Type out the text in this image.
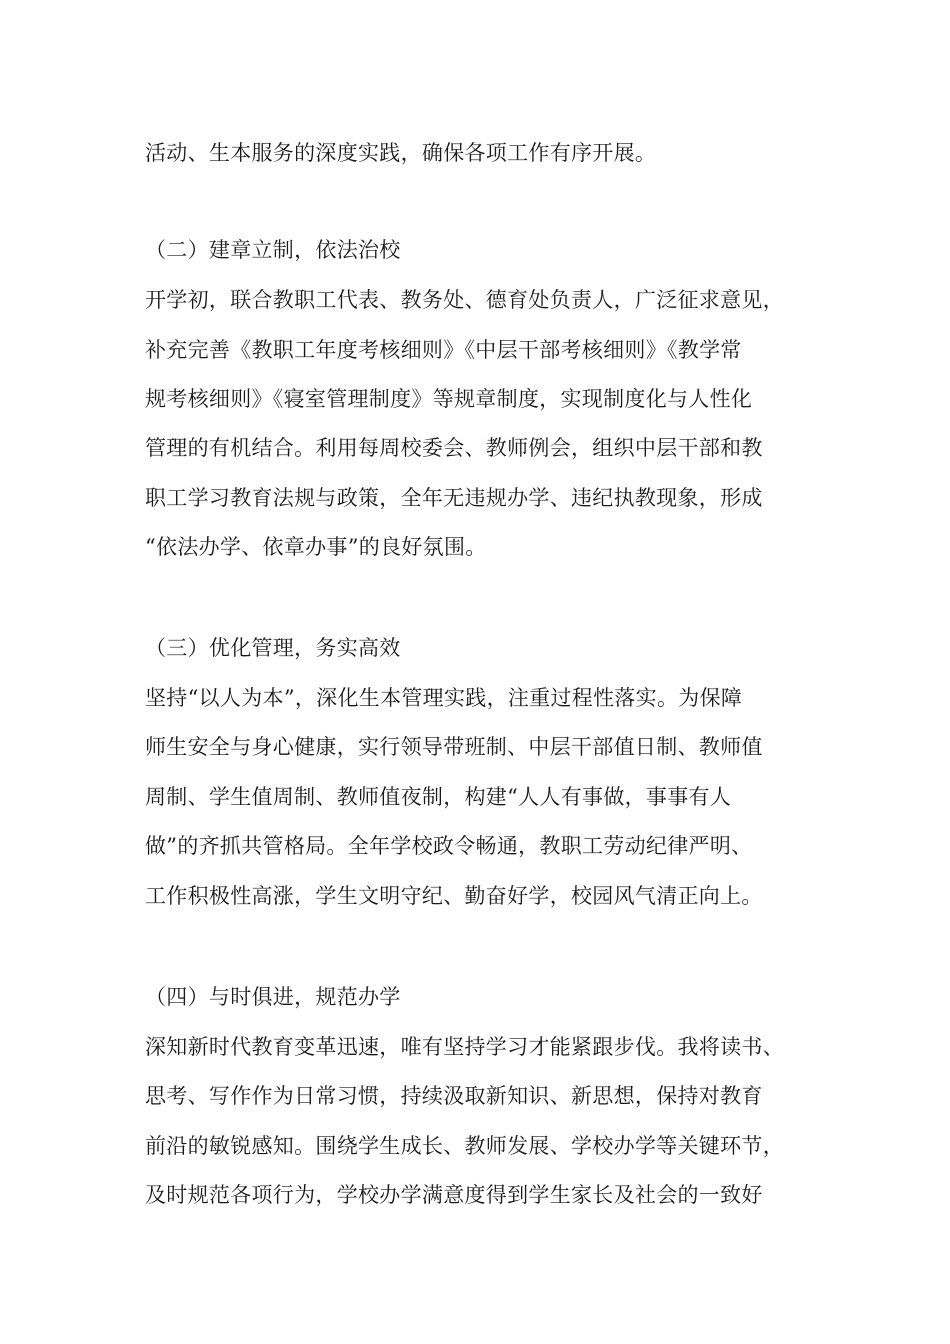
活动、生本服务的深度实践，确保各项工作有序开展。
（二）建章立制，依法治校
开学初，联合教职工代表、教务处、德育处负责人，广泛征求意见，
补充完善《教职工年度考核细则》《中层干部考核细则》《教学常
规考核细则》《寝室管理制度》等规章制度，实现制度化与人性化
管理的有机结合。利用每周校委会、教师例会，组织中层干部和教
职工学习教育法规与政策，全年无违规办学、违纪执教现象，形成
“依法办学、依章办事”的良好氛围。
（三）优化管理，务实高效
坚持“以人为本”，深化生本管理实践，注重过程性落实。为保障
师生安全与身心健康，实行领导带班制、中层干部值日制、教师值
周制、学生值周制、教师值夜制，构建“人人有事做，事事有人
做”的齐抓共管格局。全年学校政令畅通，教职工劳动纪律严明、
工作积极性高涨，学生文明守纪、勤奋好学，校园风气清正向上。
（四）与时俱进，规范办学
深知新时代教育变革迅速，唯有坚持学习才能紧跟步伐。我将读书、
思考、写作作为日常习惯，持续汲取新知识、新思想，保持对教育
前沿的敏锐感知。围绕学生成长、教师发展、学校办学等关键环节，
及时规范各项行为，学校办学满意度得到学生家长及社会的一致好
